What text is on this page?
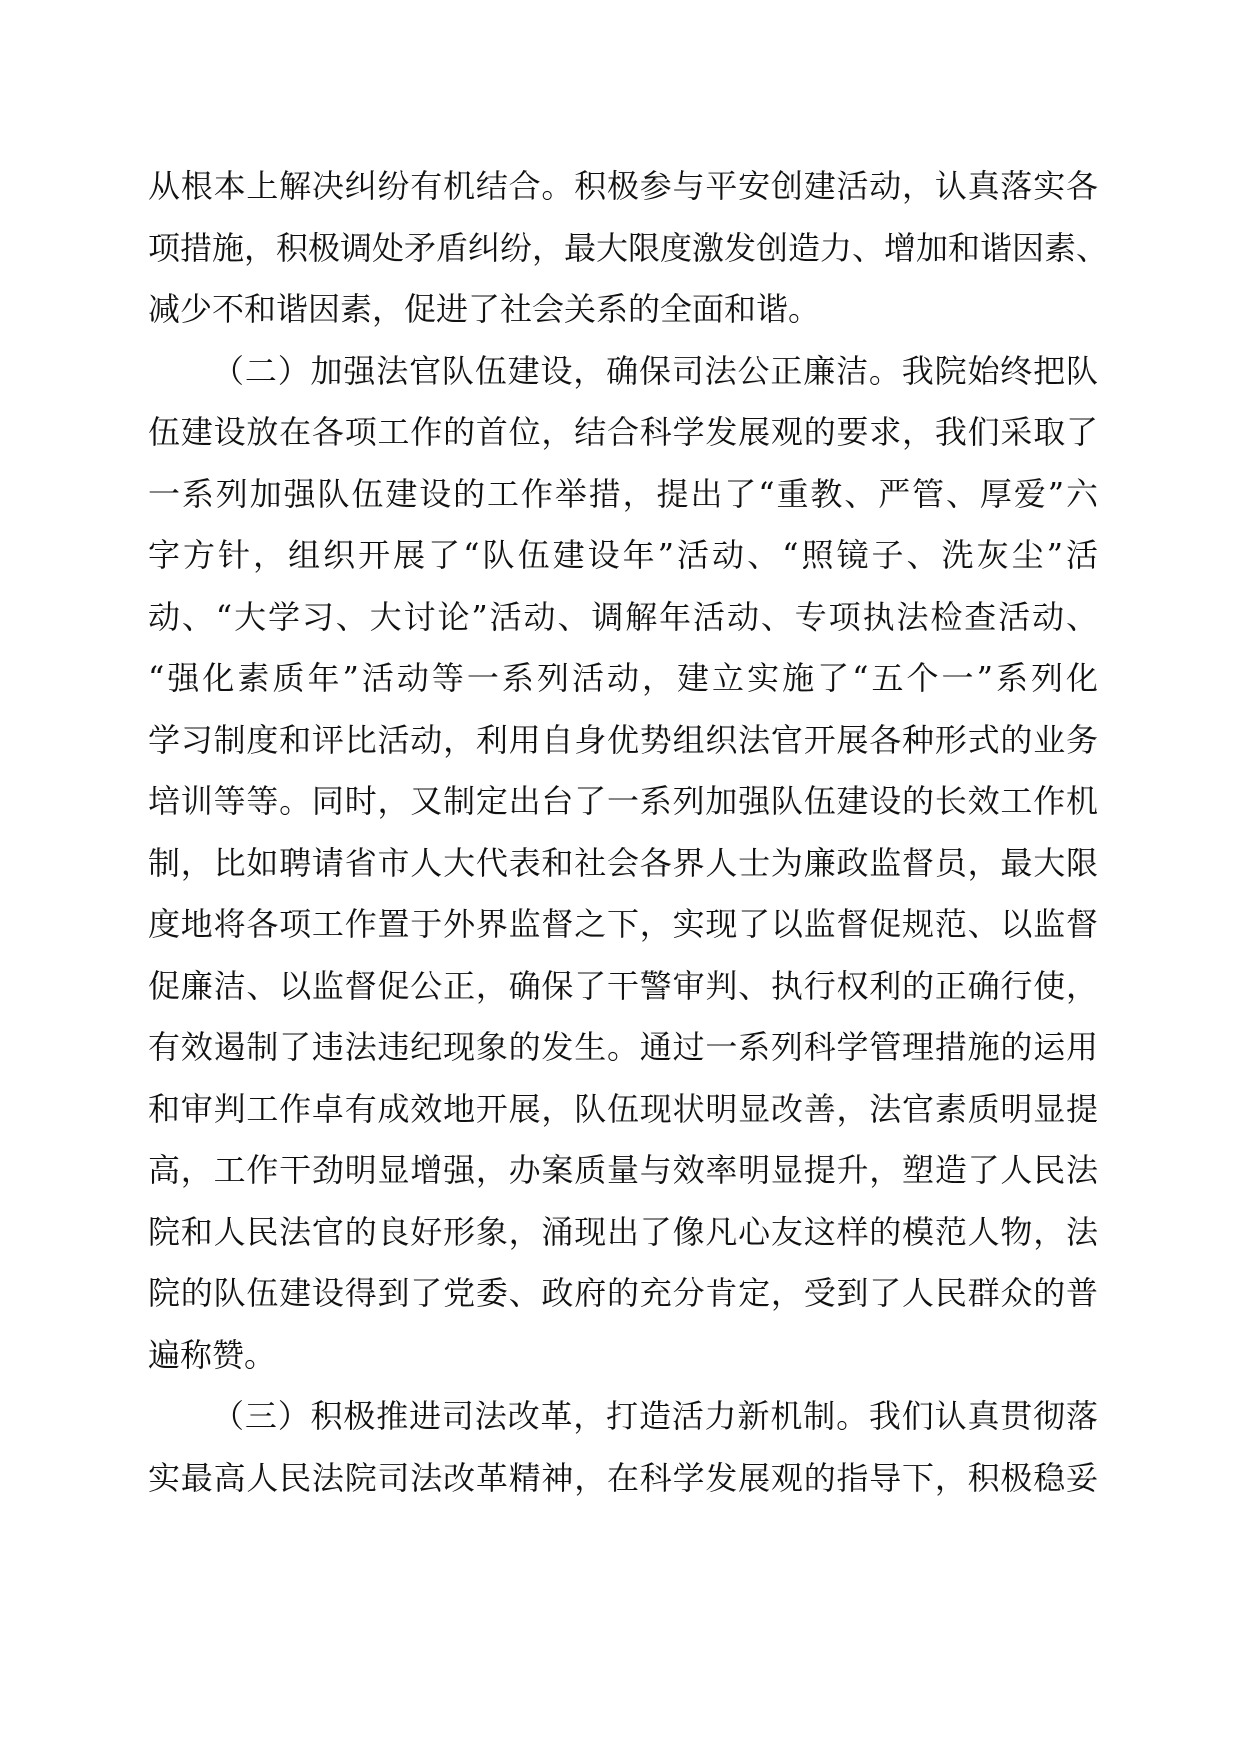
从根本上解决纠纷有机结合。积极参与平安创建活动，认真落实各
项措施，积极调处矛盾纠纷，最大限度激发创造力、增加和谐因素、
减少不和谐因素，促进了社会关系的全面和谐。
（二）加强法官队伍建设，确保司法公正廉洁。我院始终把队
伍建设放在各项工作的首位，结合科学发展观的要求，我们采取了
一系列加强队伍建设的工作举措，提出了“重教、严管、厚爱”六
字方针，组织开展了“队伍建设年”活动、“照镜子、洗灰尘”活
动、“大学习、大讨论”活动、调解年活动、专项执法检查活动、
“强化素质年”活动等一系列活动，建立实施了“五个一”系列化
学习制度和评比活动，利用自身优势组织法官开展各种形式的业务
培训等等。同时，又制定出台了一系列加强队伍建设的长效工作机
制，比如聘请省市人大代表和社会各界人士为廉政监督员，最大限
度地将各项工作置于外界监督之下，实现了以监督促规范、以监督
促廉洁、以监督促公正，确保了干警审判、执行权利的正确行使，
有效遏制了违法违纪现象的发生。通过一系列科学管理措施的运用
和审判工作卓有成效地开展，队伍现状明显改善，法官素质明显提
高，工作干劲明显增强，办案质量与效率明显提升，塑造了人民法
院和人民法官的良好形象，涌现出了像凡心友这样的模范人物，法
院的队伍建设得到了党委、政府的充分肯定，受到了人民群众的普
遍称赞。
（三）积极推进司法改革，打造活力新机制。我们认真贯彻落
实最高人民法院司法改革精神，在科学发展观的指导下，积极稳妥
